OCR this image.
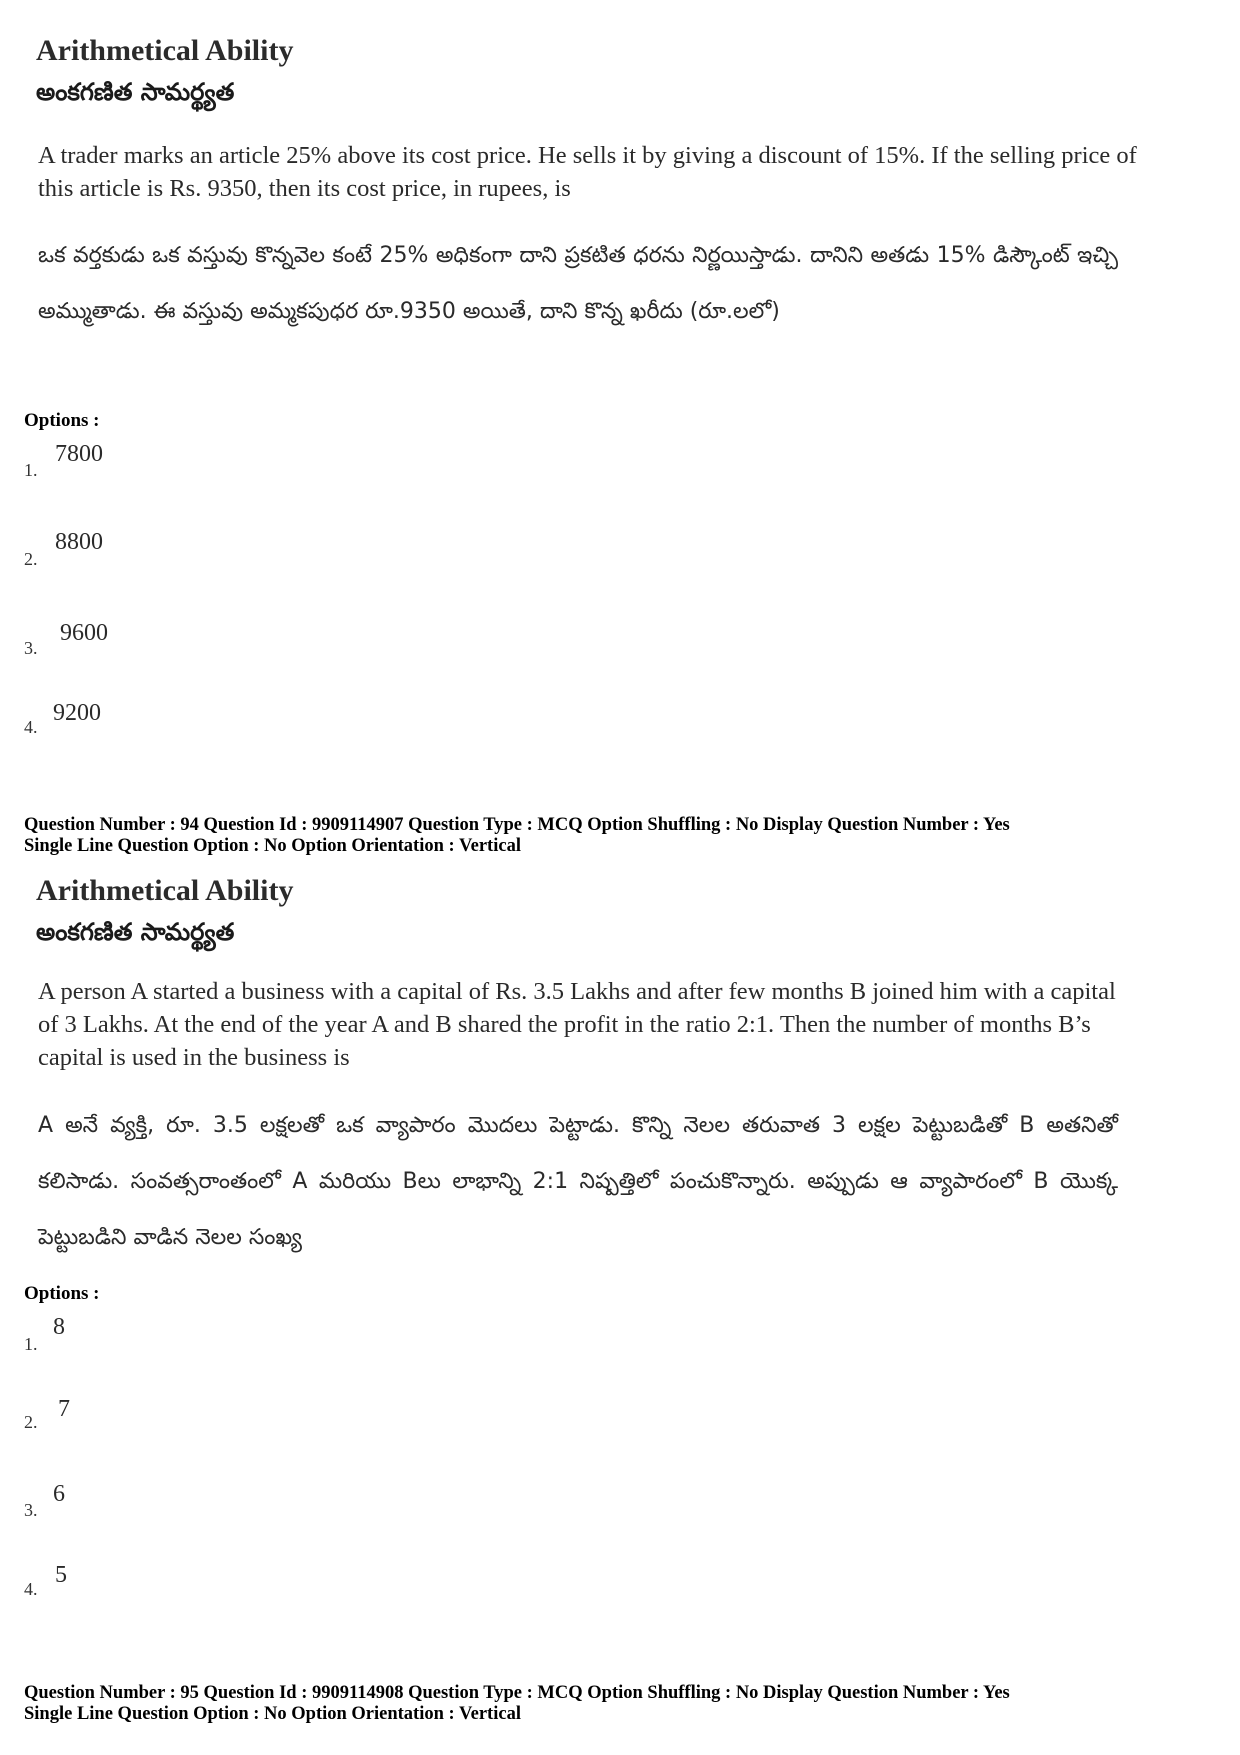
Arithmetical Ability
అంకగణిత సామర్థ్యత
A trader marks an article 25% above its cost price. He sells it by giving a discount of 15%. If the selling price of this article is Rs. 9350, then its cost price, in rupees, is
ఒక వర్తకుడు ఒక వస్తువు కొన్నవెల కంటే 25% అధికంగా దాని ప్రకటిత ధరను నిర్ణయిస్తాడు. దానిని అతడు 15% డిస్కౌంట్ ఇచ్చి అమ్ముతాడు. ఈ వస్తువు అమ్మకపుధర రూ.9350 అయితే, దాని కొన్న ఖరీదు (రూ.లలో)
Options :
1.
7800
2.
8800
3.
9600
4.
9200
Question Number : 94 Question Id : 9909114907 Question Type : MCQ Option Shuffling : No Display Question Number : Yes
Single Line Question Option : No Option Orientation : Vertical
Arithmetical Ability
అంకగణిత సామర్థ్యత
A person A started a business with a capital of Rs. 3.5 Lakhs and after few months B joined him with a capital of 3 Lakhs. At the end of the year A and B shared the profit in the ratio 2:1. Then the number of months B’s capital is used in the business is
A అనే వ్యక్తి, రూ. 3.5 లక్షలతో ఒక వ్యాపారం మొదలు పెట్టాడు. కొన్ని నెలల తరువాత 3 లక్షల పెట్టుబడితో B అతనితో కలిసాడు. సంవత్సరాంతంలో A మరియు Bలు లాభాన్ని 2:1 నిష్పత్తిలో పంచుకొన్నారు. అప్పుడు ఆ వ్యాపారంలో B యొక్క పెట్టుబడిని వాడిన నెలల సంఖ్య
Options :
1.
8
2. 7
3.
6
4.
5
Question Number : 95 Question Id : 9909114908 Question Type : MCQ Option Shuffling : No Display Question Number : Yes
Single Line Question Option : No Option Orientation : Vertical
